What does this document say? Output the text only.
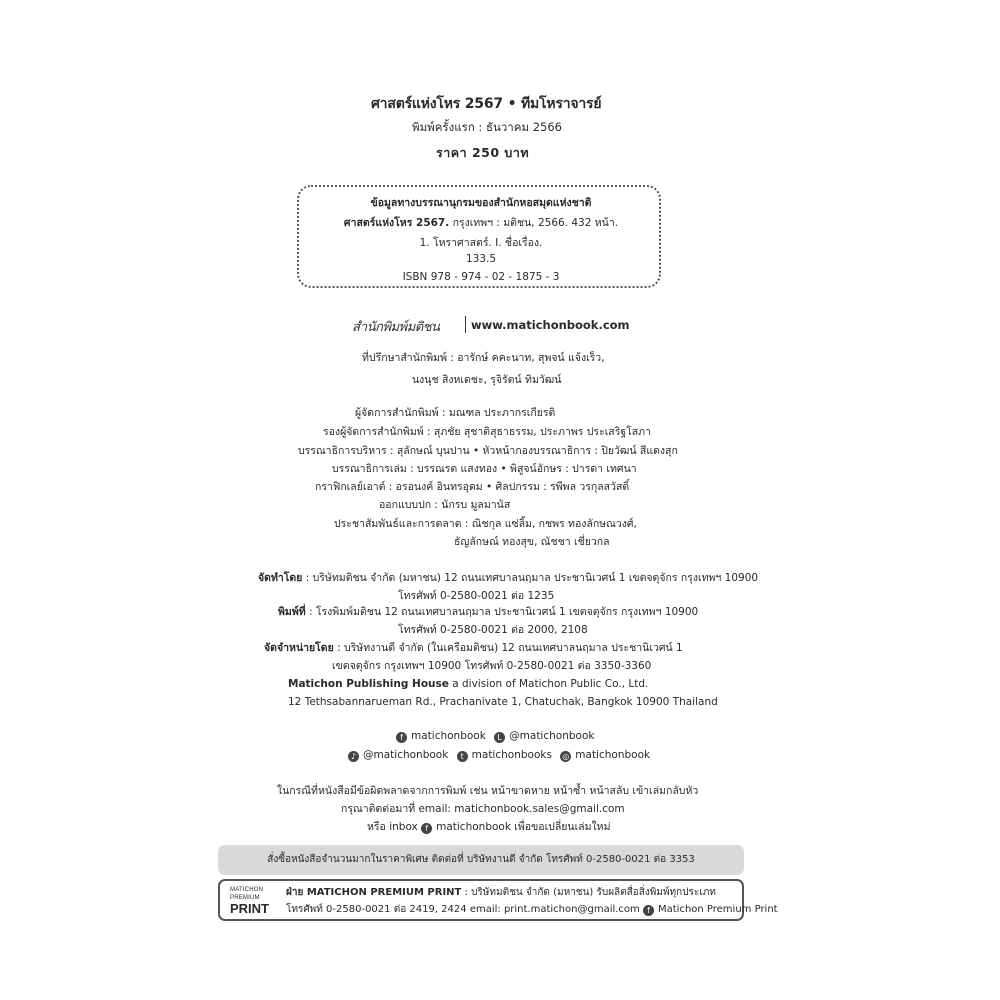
ศาสตร์แห่งโหร 2567 • ทีมโหราจารย์
พิมพ์ครั้งแรก : ธันวาคม 2566
ราคา 250 บาท
ข้อมูลทางบรรณานุกรมของสำนักหอสมุดแห่งชาติ
ศาสตร์แห่งโหร 2567. กรุงเทพฯ : มติชน, 2566. 432 หน้า.
1. โหราศาสตร์. I. ชื่อเรื่อง.
133.5
ISBN 978 - 974 - 02 - 1875 - 3
สำนักพิมพ์มติชน	www.matichonbook.com
ที่ปรึกษาสำนักพิมพ์ : อารักษ์ คคะนาท, สุพจน์ แจ้งเร็ว,
นงนุช สิงหเดชะ, รุจิรัตน์ ทิมวัฒน์
ผู้จัดการสำนักพิมพ์ : มณฑล ประภากรเกียรติ
รองผู้จัดการสำนักพิมพ์ : สุภชัย สุชาติสุธาธรรม, ประภาพร ประเสริฐโสภา
บรรณาธิการบริหาร : สุลักษณ์ บุนปาน • หัวหน้ากองบรรณาธิการ : ปิยวัฒน์ สีแดงสุก
บรรณาธิการเล่ม : บรรณรต แสงทอง • พิสูจน์อักษร : ปารดา เทศนา
กราฟิกเลย์เอาต์ : อรอนงค์ อินทรอุดม • ศิลปกรรม : รพีพล วรกุลสวัสดิ์
ออกแบบปก : นักรบ มูลมานัส
ประชาสัมพันธ์และการตลาด : ณิชกุล แซ่ลิ้ม, กชพร ทองลักษณวงศ์,
ธัญลักษณ์ ทองสุข, ณัชชา เชี่ยวกล
จัดทำโดย : บริษัทมติชน จำกัด (มหาชน) 12 ถนนเทศบาลนฤมาล ประชานิเวศน์ 1 เขตจตุจักร กรุงเทพฯ 10900
โทรศัพท์ 0-2580-0021 ต่อ 1235
พิมพ์ที่ : โรงพิมพ์มติชน 12 ถนนเทศบาลนฤมาล ประชานิเวศน์ 1 เขตจตุจักร กรุงเทพฯ 10900
โทรศัพท์ 0-2580-0021 ต่อ 2000, 2108
จัดจำหน่ายโดย : บริษัทงานดี จำกัด (ในเครือมติชน) 12 ถนนเทศบาลนฤมาล ประชานิเวศน์ 1
เขตจตุจักร กรุงเทพฯ 10900 โทรศัพท์ 0-2580-0021 ต่อ 3350-3360
Matichon Publishing House a division of Matichon Public Co., Ltd.
12 Tethsabannarueman Rd., Prachanivate 1, Chatuchak, Bangkok 10900 Thailand
f matichonbook L @matichonbook
♪ @matichonbook t matichonbooks ◎ matichonbook
ในกรณีที่หนังสือมีข้อผิดพลาดจากการพิมพ์ เช่น หน้าขาดหาย หน้าซ้ำ หน้าสลับ เข้าเล่มกลับหัว
กรุณาติดต่อมาที่ email: matichonbook.sales@gmail.com
หรือ inbox f matichonbook เพื่อขอเปลี่ยนเล่มใหม่
สั่งซื้อหนังสือจำนวนมากในราคาพิเศษ ติดต่อที่ บริษัทงานดี จำกัด โทรศัพท์ 0-2580-0021 ต่อ 3353
MATICHON
PREMIUM
PRINT
ฝ่าย MATICHON PREMIUM PRINT : บริษัทมติชน จำกัด (มหาชน) รับผลิตสื่อสิ่งพิมพ์ทุกประเภท
โทรศัพท์ 0-2580-0021 ต่อ 2419, 2424 email: print.matichon@gmail.com f Matichon Premium Print
